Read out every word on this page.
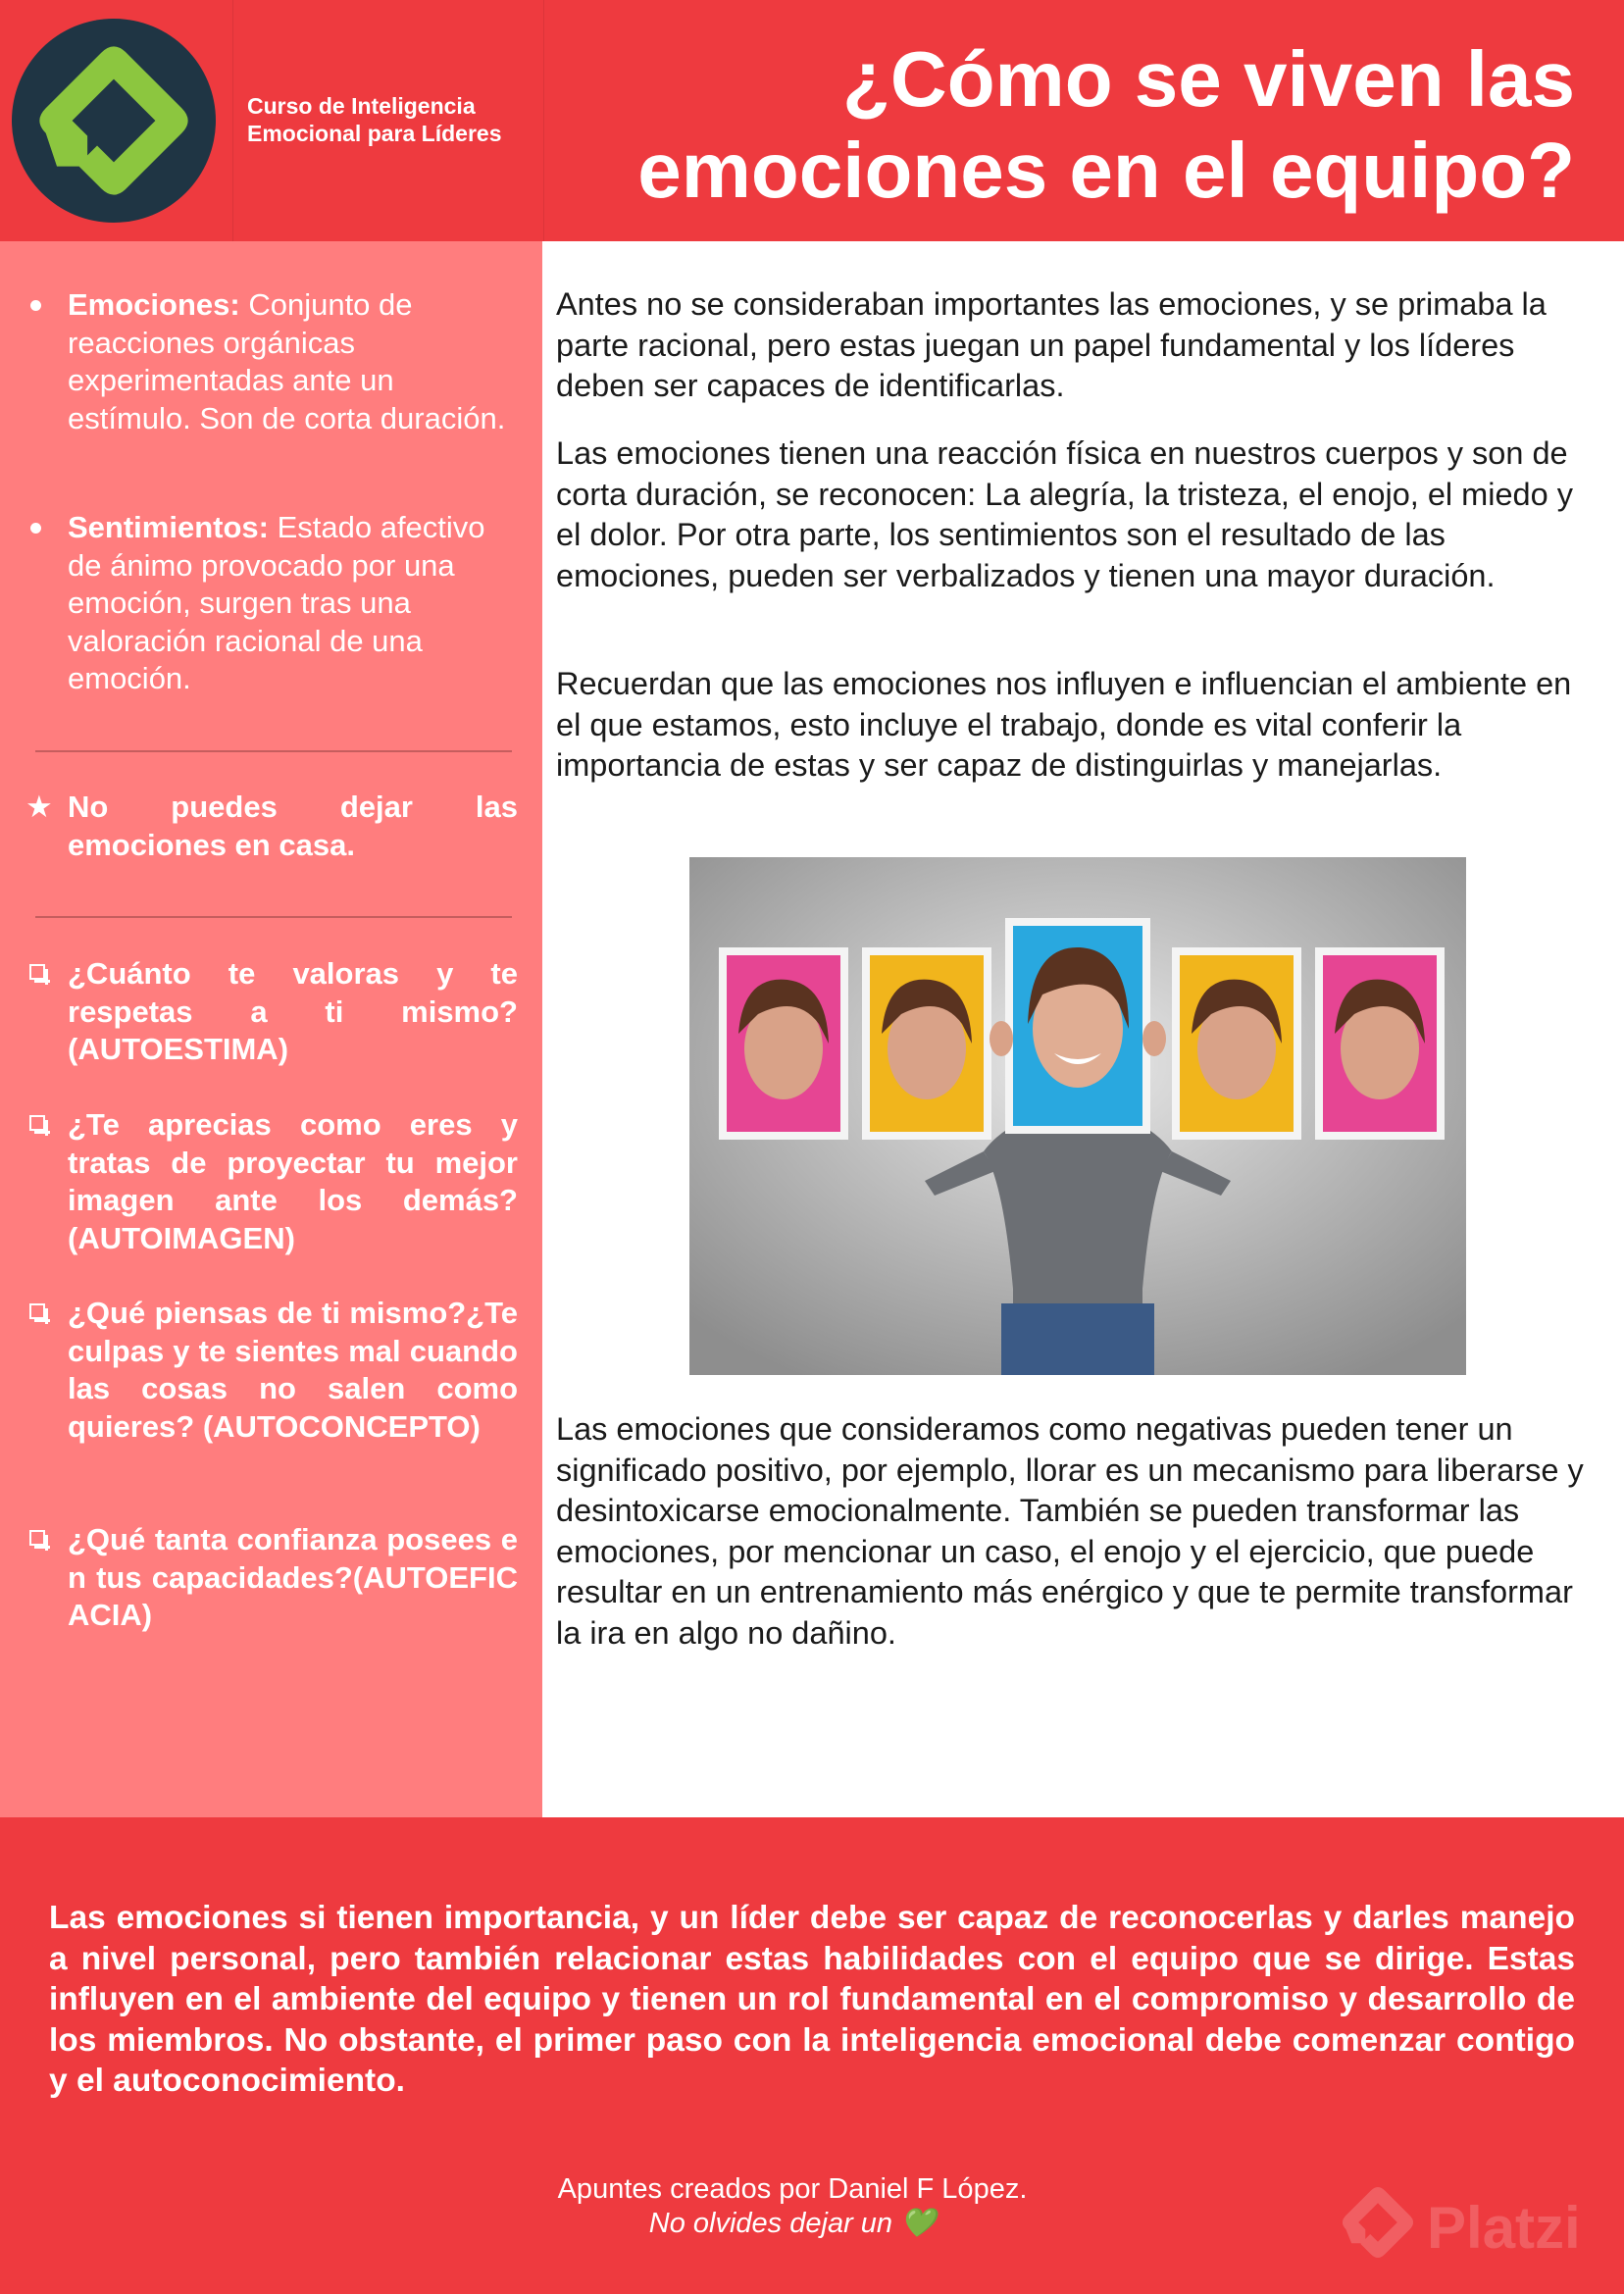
Curso de Inteligencia
Emocional para Líderes
¿Cómo se viven las
emociones en el equipo?
Emociones: Conjunto de reacciones orgánicas experimentadas ante un estímulo. Son de corta duración.
Sentimientos: Estado afectivo de ánimo provocado por una emoción, surgen tras una valoración racional de una emoción.
★ No puedes dejar las emociones en casa.
¿Cuánto te valoras y te respetas a ti mismo? (AUTOESTIMA)
¿Te aprecias como eres y tratas de proyectar tu mejor imagen ante los demás? (AUTOIMAGEN)
¿Qué piensas de ti mismo?¿Te culpas y te sientes mal cuando las cosas no salen como quieres? (AUTOCONCEPTO)
¿Qué tanta confianza posees en tus capacidades?(AUTOEFICACIA)
Antes no se consideraban importantes las emociones, y se primaba la parte racional, pero estas juegan un papel fundamental y los líderes deben ser capaces de identificarlas.
Las emociones tienen una reacción física en nuestros cuerpos y son de corta duración, se reconocen: La alegría, la tristeza, el enojo, el miedo y el dolor. Por otra parte, los sentimientos son el resultado de las emociones, pueden ser verbalizados y tienen una mayor duración.
Recuerdan que las emociones nos influyen e influencian el ambiente en el que estamos, esto incluye el trabajo, donde es vital conferir la importancia de estas y ser capaz de distinguirlas y manejarlas.
Las emociones que consideramos como negativas pueden tener un significado positivo, por ejemplo, llorar es un mecanismo para liberarse y desintoxicarse emocionalmente. También se pueden transformar las emociones, por mencionar un caso, el enojo y el ejercicio, que puede resultar en un entrenamiento más enérgico y que te permite transformar la ira en algo no dañino.
Las emociones si tienen importancia, y un líder debe ser capaz de reconocerlas y darles manejo a nivel personal, pero también relacionar estas habilidades con el equipo que se dirige. Estas influyen en el ambiente del equipo y tienen un rol fundamental en el compromiso y desarrollo de los miembros. No obstante, el primer paso con la inteligencia emocional debe comenzar contigo y el autoconocimiento.
Apuntes creados por Daniel F López.
No olvides dejar un 💚	Platzi
